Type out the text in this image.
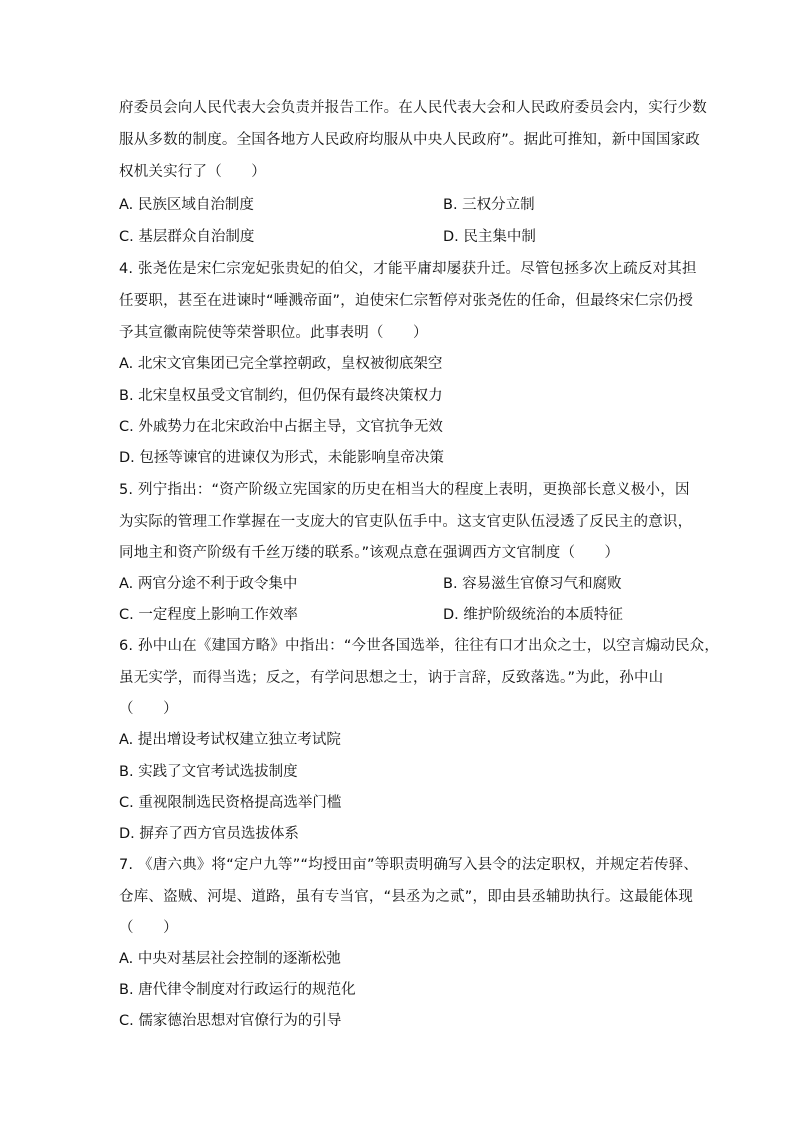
府委员会向人民代表大会负责并报告工作。在人民代表大会和人民政府委员会内，实行少数
服从多数的制度。全国各地方人民政府均服从中央人民政府”。据此可推知，新中国国家政
权机关实行了（　　）
A. 民族区域自治制度	B. 三权分立制
C. 基层群众自治制度	D. 民主集中制
4. 张尧佐是宋仁宗宠妃张贵妃的伯父，才能平庸却屡获升迁。尽管包拯多次上疏反对其担
任要职，甚至在进谏时“唾溅帝面”，迫使宋仁宗暂停对张尧佐的任命，但最终宋仁宗仍授
予其宣徽南院使等荣誉职位。此事表明（　　）
A. 北宋文官集团已完全掌控朝政，皇权被彻底架空
B. 北宋皇权虽受文官制约，但仍保有最终决策权力
C. 外戚势力在北宋政治中占据主导，文官抗争无效
D. 包拯等谏官的进谏仅为形式，未能影响皇帝决策
5. 列宁指出：“资产阶级立宪国家的历史在相当大的程度上表明，更换部长意义极小，因
为实际的管理工作掌握在一支庞大的官吏队伍手中。这支官吏队伍浸透了反民主的意识，
同地主和资产阶级有千丝万缕的联系。”该观点意在强调西方文官制度（　　）
A. 两官分途不利于政令集中	B. 容易滋生官僚习气和腐败
C. 一定程度上影响工作效率	D. 维护阶级统治的本质特征
6. 孙中山在《建国方略》中指出：“今世各国选举，往往有口才出众之士，以空言煽动民众，
虽无实学，而得当选；反之，有学问思想之士，讷于言辞，反致落选。”为此，孙中山
（　　）
A. 提出增设考试权建立独立考试院
B. 实践了文官考试选拔制度
C. 重视限制选民资格提高选举门槛
D. 摒弃了西方官员选拔体系
7. 《唐六典》将“定户九等”“均授田亩”等职责明确写入县令的法定职权，并规定若传驿、
仓库、盗贼、河堤、道路，虽有专当官，“县丞为之贰”，即由县丞辅助执行。这最能体现
（　　）
A. 中央对基层社会控制的逐渐松弛
B. 唐代律令制度对行政运行的规范化
C. 儒家德治思想对官僚行为的引导
